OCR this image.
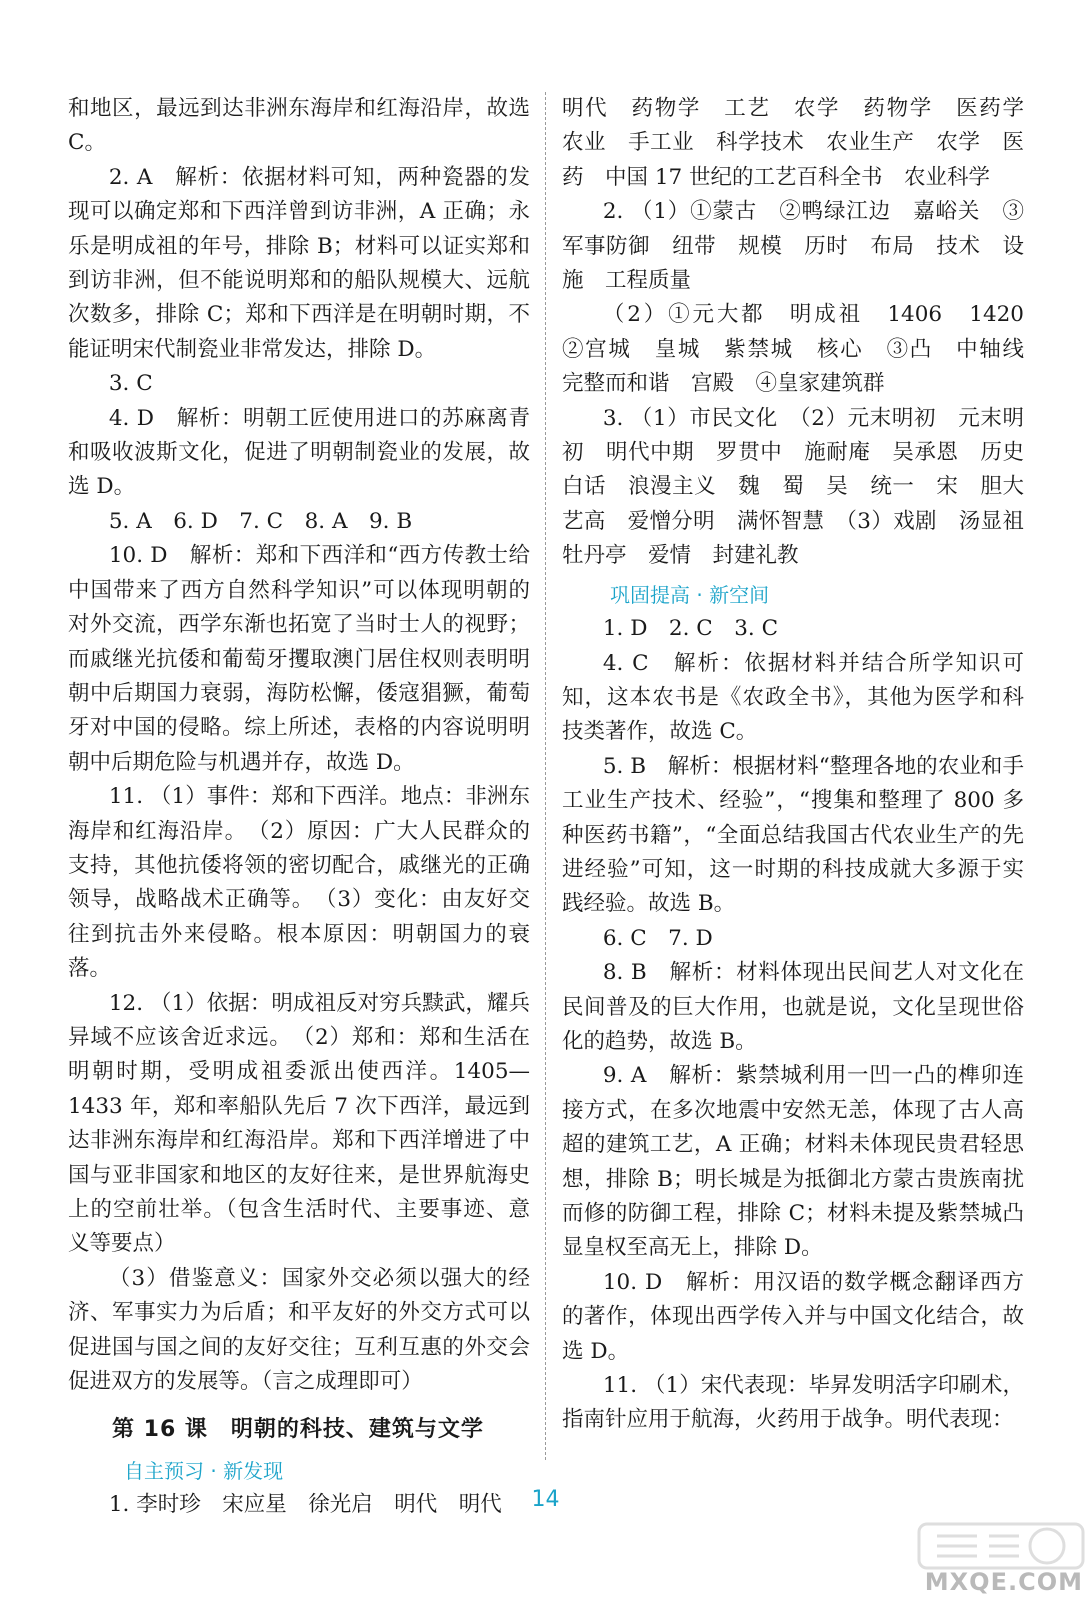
和地区，最远到达非洲东海岸和红海沿岸，故选 C。

2. A　解析：依据材料可知，两种瓷器的发现可以确定郑和下西洋曾到访非洲，A 正确；永乐是明成祖的年号，排除 B；材料可以证实郑和到访非洲，但不能说明郑和的船队规模大、远航次数多，排除 C；郑和下西洋是在明朝时期，不能证明宋代制瓷业非常发达，排除 D。

3. C

4. D　解析：明朝工匠使用进口的苏麻离青和吸收波斯文化，促进了明朝制瓷业的发展，故选 D。

5. A　6. D　7. C　8. A　9. B

10. D　解析：郑和下西洋和“西方传教士给中国带来了西方自然科学知识”可以体现明朝的对外交流，西学东渐也拓宽了当时士人的视野；而戚继光抗倭和葡萄牙攫取澳门居住权则表明明朝中后期国力衰弱，海防松懈，倭寇猖獗，葡萄牙对中国的侵略。综上所述，表格的内容说明明朝中后期危险与机遇并存，故选 D。

11. （1）事件：郑和下西洋。地点：非洲东海岸和红海沿岸。　（2）原因：广大人民群众的支持，其他抗倭将领的密切配合，戚继光的正确领导，战略战术正确等。　（3）变化：由友好交往到抗击外来侵略。根本原因：明朝国力的衰落。

12. （1）依据：明成祖反对穷兵黩武，耀兵异域不应该舍近求远。　（2）郑和：郑和生活在明朝时期，受明成祖委派出使西洋。1405—1433 年，郑和率船队先后 7 次下西洋，最远到达非洲东海岸和红海沿岸。郑和下西洋增进了中国与亚非国家和地区的友好往来，是世界航海史上的空前壮举。（包含生活时代、主要事迹、意义等要点）

（3）借鉴意义：国家外交必须以强大的经济、军事实力为后盾；和平友好的外交方式可以促进国与国之间的友好交往；互利互惠的外交会促进双方的发展等。（言之成理即可）

第 16 课　明朝的科技、建筑与文学
自主预习 · 新发现

1. 李时珍　宋应星　徐光启　明代　明代

明代　药物学　工艺　农学　药物学　医药学　农业　手工业　科学技术　农业生产　农学　医药　中国 17 世纪的工艺百科全书　农业科学

2. （1）①蒙古　②鸭绿江边　嘉峪关　③军事防御　纽带　规模　历时　布局　技术　设施　工程质量

（2）①元大都　明成祖　1406　1420　②宫城　皇城　紫禁城　核心　③凸　中轴线　完整而和谐　宫殿　④皇家建筑群

3. （1）市民文化　（2）元末明初　元末明初　明代中期　罗贯中　施耐庵　吴承恩　历史　白话　浪漫主义　魏　蜀　吴　统一　宋　胆大艺高　爱憎分明　满怀智慧　（3）戏剧　汤显祖　牡丹亭　爱情　封建礼教

巩固提高 · 新空间

1. D　2. C　3. C

4. C　解析：依据材料并结合所学知识可知，这本农书是《农政全书》，其他为医学和科技类著作，故选 C。

5. B　解析：根据材料“整理各地的农业和手工业生产技术、经验”，“搜集和整理了 800 多种医药书籍”，“全面总结我国古代农业生产的先进经验”可知，这一时期的科技成就大多源于实践经验。故选 B。

6. C　7. D

8. B　解析：材料体现出民间艺人对文化在民间普及的巨大作用，也就是说，文化呈现世俗化的趋势，故选 B。

9. A　解析：紫禁城利用一凹一凸的榫卯连接方式，在多次地震中安然无恙，体现了古人高超的建筑工艺，A 正确；材料未体现民贵君轻思想，排除 B；明长城是为抵御北方蒙古贵族南扰而修的防御工程，排除 C；材料未提及紫禁城凸显皇权至高无上，排除 D。

10. D　解析：用汉语的数学概念翻译西方的著作，体现出西学传入并与中国文化结合，故选 D。

11. （1）宋代表现：毕昇发明活字印刷术，指南针应用于航海，火药用于战争。明代表现：

14
MXQE.COM
